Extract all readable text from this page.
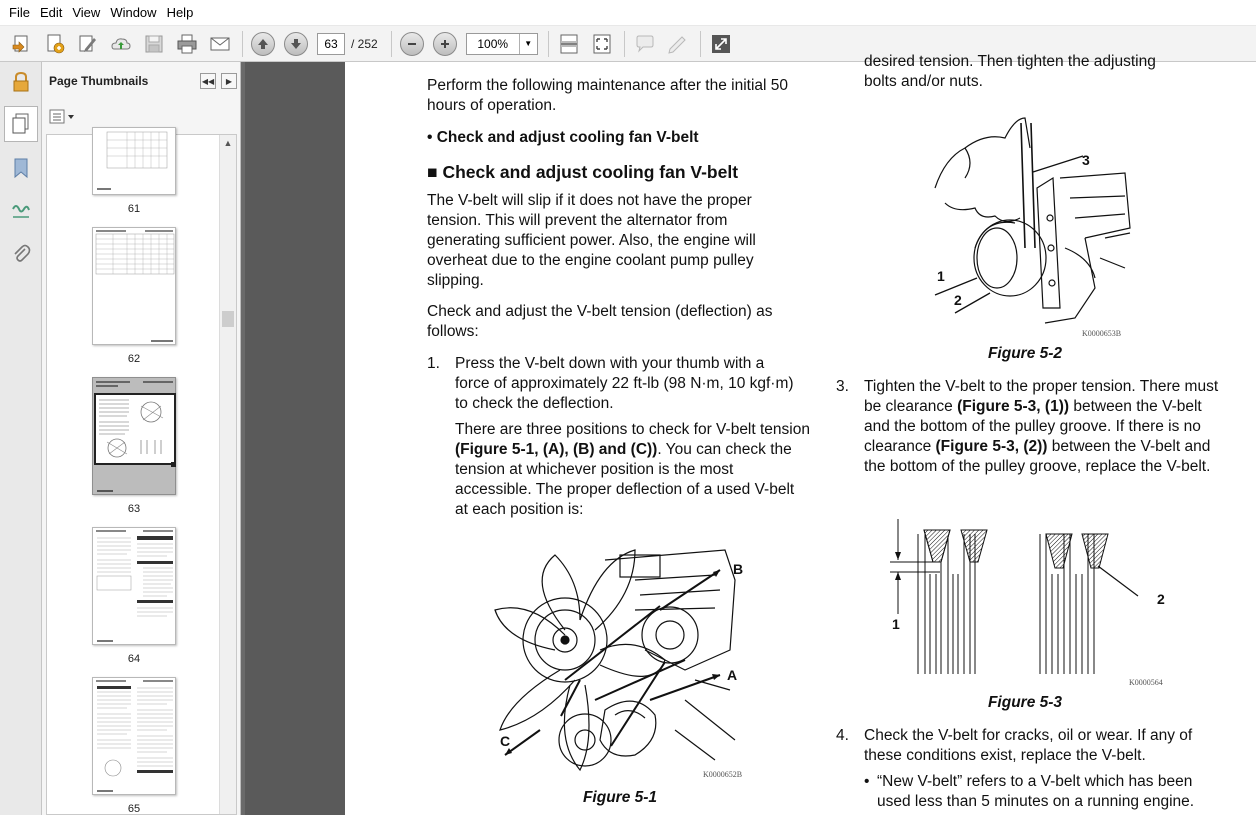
File Edit View Window Help
63	/ 252	100%	▼
Page Thumbnails	◀◀	▶
61
62
63
64
65
▲
Perform the following maintenance after the initial 50 hours of operation.
• Check and adjust cooling fan V-belt
■ Check and adjust cooling fan V-belt
The V-belt will slip if it does not have the proper tension. This will prevent the alternator from generating sufficient power. Also, the engine will overheat due to the engine coolant pump pulley slipping.
Check and adjust the V-belt tension (deflection) as follows:
1. Press the V-belt down with your thumb with a force of approximately 22 ft-lb (98 N·m, 10 kgf·m) to check the deflection.
There are three positions to check for V-belt tension (Figure 5-1, (A), (B) and (C)). You can check the tension at whichever position is the most accessible. The proper deflection of a used V-belt at each position is:
B
A
C
K0000652B
Figure 5-1
desired tension. Then tighten the adjusting
bolts and/or nuts.
3
1
2
K0000653B
Figure 5-2
3. Tighten the V-belt to the proper tension. There must be clearance (Figure 5-3, (1)) between the V-belt and the bottom of the pulley groove. If there is no clearance (Figure 5-3, (2)) between the V-belt and the bottom of the pulley groove, replace the V-belt.
1
2
K0000564
Figure 5-3
4. Check the V-belt for cracks, oil or wear. If any of these conditions exist, replace the V-belt.
• “New V-belt” refers to a V-belt which has been used less than 5 minutes on a running engine.
